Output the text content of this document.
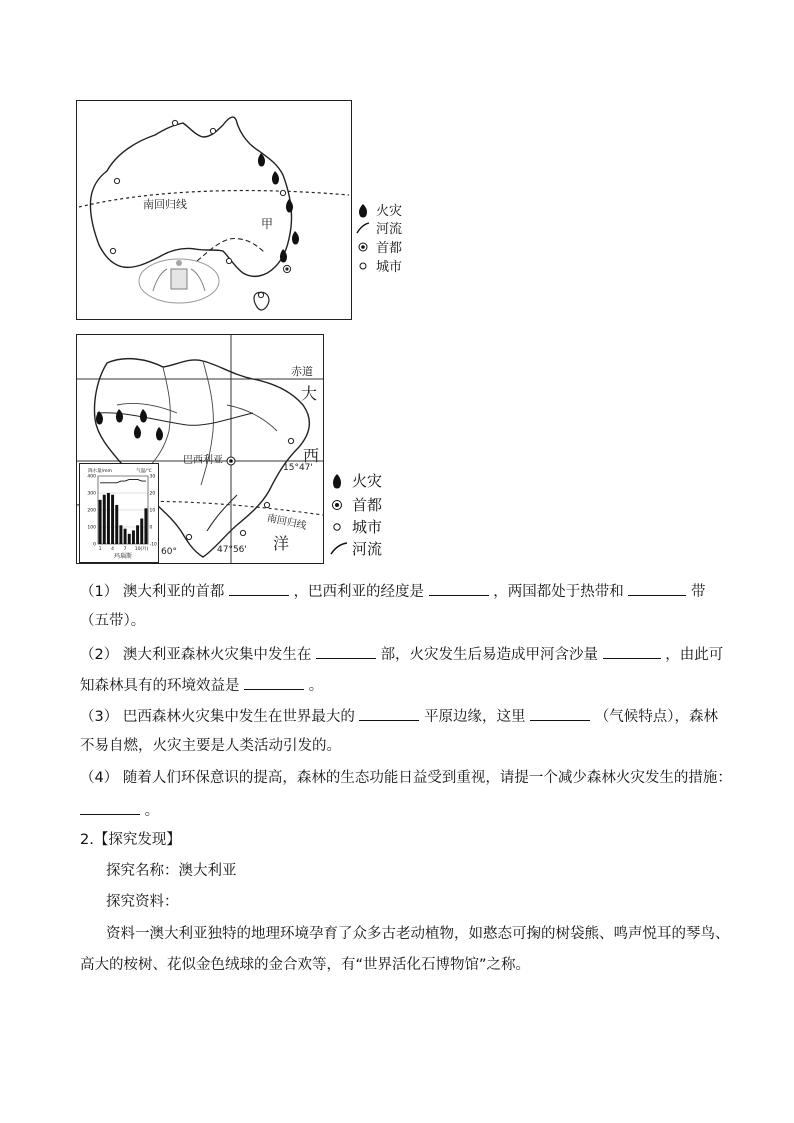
南回归线
甲
火灾
河流
首都
城市
赤道
大
西
洋
巴西利亚
15°47'
47°56'
60°
南回归线
400
300
200
100
0
30
20
10
0
-10
降水量/mm	气温/℃
1 4 7 10(月)
玛瑙斯
火灾
首都
城市
河流
（1） 澳大利亚的首都	，巴西利亚的经度是	，两国都处于热带和	带
（五带）。
（2） 澳大利亚森林火灾集中发生在	部，火灾发生后易造成甲河含沙量	，由此可
知森林具有的环境效益是	。
（3） 巴西森林火灾集中发生在世界最大的	平原边缘，这里	（气候特点），森林
不易自燃，火灾主要是人类活动引发的。
（4） 随着人们环保意识的提高，森林的生态功能日益受到重视，请提一个减少森林火灾发生的措施：
。
2.【探究发现】
探究名称：澳大利亚
探究资料：
资料一澳大利亚独特的地理环境孕育了众多古老动植物，如憨态可掬的树袋熊、鸣声悦耳的琴鸟、
高大的桉树、花似金色绒球的金合欢等，有“世界活化石博物馆”之称。
